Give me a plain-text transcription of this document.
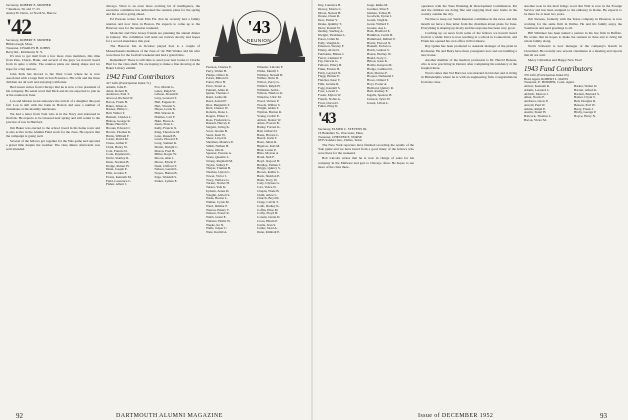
Secretary, ROBERT E. MOSHER
* Reunion, 30, and ??, 23
Ansley H. Davis, 12 North St, Harrow
'42
Secretary, ROBERT E. MOSHER
Hillsborough, Mass.
Treasurer, CHARLES H. JOHNS
Berry Rd., Richmond, N. Y.

It's nice to get mail from a few more class members, this time from Pete, Chuck, Hank, and several of the guys we haven't heard from in quite a while. The reunion plans are taking shape and we hope for a big turnout.

John Peck has moved to the West Coast where he is now associated with a large firm in San Francisco. His wife and the three children are all well and enjoying California.

Bud Green writes from Chicago that he is now a vice president of his company. He sends word that Dick and Al are expected to join us at the reunion in June.

Lou and Marion Grant announce the arrival of a daughter this past fall. Lou is still with the bank in Boston and sees a number of classmates at the monthly luncheons.

We had a letter from Tom who is in the Navy and stationed in Norfolk. He expects to be released next spring and will return to the practice of law in Hartford.

Jim Baker was elected to the school board in his home town and is also active in the Alumni Fund work for the class. He reports that the campaign is going well.

Several of the fellows got together for the Yale game and reported a grand time despite the weather. The class dinner afterwards was well attended.

chicago. What is an even more exciting bit of intelligence, the executive committee has authorized the reunion plans for the spring and the work is going ahead.

Ed Parsons writes from Elm Fla. that he recently had a family reunion and now lives in Boston. He expects to come up to the Hanover area for the reunion weekend.

Montclair and New Jersey friends are planning the annual dinner in January. The committee will send out notices shortly and hopes for a record attendance this year.

The Hanover Inn in October played host to a couple of Massachusetts members of the class of '42. Bill Walker and his wife were there for the football weekend and had a grand time.

Remember? There is still time to send your best books to Charlie Hurt for the class shelf. We are hoping to make a fine showing at the Baker Library exhibit.

1942 Fund Contributors
417 Gifts (Participation Index 71)
Adams, John E.
Allen, Robert B.
Anderson, Paul T.
Atwood, Richard W.
Bacon, Frank H.
Baker, James A.
Barnes, Philip C.
Bell, Walter T.
Bennett, Charles L.
Bishop, George R.
Blake, Harold S.
Brooks, Edward J.
Brown, Thomas K.
Burns, William F.
Carter, David M.
Chase, Arthur P.
Clark, Henry W.
Cole, Francis D.
Cook, Raymond L.
Davis, Stanley R.
Dean, Norman B.
Dodge, Robert H.
Dunn, Joseph E.
Ellis, Gordon F.
Evans, Kenneth M.
Field, Lawrence C.
Fisher, Albert J.
Fox, Martin G.
Gates, Ralph W.
Gibson, Donald P.
Gray, Leonard T.
Hall, Eugene R.
Hart, Vincent S.
Hayes, Louis K.
Hill, Warren D.
Holmes, Carl F.
Hunt, Bruce A.
Jones, Peter L.
Kelly, Francis X.
King, Theodore M.
Lane, Russell B.
Lewis, Howard E.
Long, Samuel R.
Marsh, Dwight C.
Mason, Fred H.
Miller, Roger W.
Moore, Alan J.
Morse, Edwin P.
Nash, Clifford T.
Nelson, Gerald L.
Noyes, Harlan B.
Page, Wendell S.
Parker, Lyman E.
Pearson, Charles E.
Perry, Walter B.
Phelps, Oliver K.
Porter, Milton D.
Potter, Eliot H.
Price, Stuart A.
Putnam, Allen R.
Quinn, Thomas J.
Rand, Leslie M.
Reed, Arnold F.
Rice, Benjamin T.
Rich, Chester W.
Roberts, Dana L.
Rogers, Elmer C.
Ross, Frederick G.
Russell, Harvey P.
Sargent, Irving K.
Scott, Jerome B.
Sears, Kent W.
Shaw, Lloyd D.
Sherman, Maurice E.
Smith, Nathan H.
Snow, Otis R.
Spencer, Preston A.
Stone, Quentin L.
Strong, Reginald M.
Taylor, Sidney F.
Thayer, Truman B.
Thomas, Upton C.
Tower, Victor J.
Tracy, Wallace G.
Tucker, Xavier H.
Turner, Yale K.
Upham, Zenas D.
Vaughn, Abbott S.
Wade, Barton L.
Walker, Cyrus M.
Ward, Delmar P.
Warren, Emery T.
Watson, Foster R.
Webb, Grant E.
Webster, Hollis W.
Weeks, Ira N.
Wells, Jasper C.
West, Kermit A.
Wheeler, Lincoln F.
White, Merrill J.
Whitney, Newell B.
Wilbur, Orrin D.
Wilcox, Percy G.
Willard, Ralph H.
Williams, Seth L.
Wilson, Thurlow K.
Winslow, Ulric M.
Wood, Vernon P.
Woods, Wilbur S.
Wright, Alden T.
Wyman, Burton R.
Young, Cedric E.
Abbott, Dexter W.
Ames, Everett B.
Bailey, Forrest K.
Ball, Gilbert D.
Bates, Horace L.
Beach, Irwin T.
Bean, Julian R.
Bigelow, Karl M.
Blair, Lester P.
Bliss, Morton A.
Bond, Neil F.
Boyd, Osgood H.
Bradley, Palmer J.
Briggs, Quincy S.
Brown, Rollin C.
Buck, Sheldon E.
Bush, Tracy W.
Cady, Ulysses G.
Carr, Vance N.
Chapin, Wade B.
Child, Amos L.
Church, Boyd R.
Clapp, Calvin T.
Cobb, Dudley K.
Coffin, Elias M.
Colby, Floyd H.
Conant, Glenn D.
Cross, Hiram P.
Curtis, Ivan S.
Cutler, Jared A.
Dana, Kimball E.
'43
REUNION
92	DARTMOUTH ALUMNI MAGAZINE
Day, Laurence B.
Dewey, Morris C.
Dixon, Nelson H.
Doane, Owen R.
Dow, Parker S.
Drake, Quimby T.
Drew, Roland W.
Dudley, Sterling A.
Dwight, Thaddeus L.
Eaton, Uriah M.
Eddy, Vaughn K.
Emerson, Wesley F.
Emery, Alvin D.
Fairbanks, Blaine J.
Farrar, Clement P.
Fay, Darwin G.
Fellows, Ellery B.
Fiske, Fenton H.
Fitch, Gaylord N.
Flagg, Homer E.
Fletcher, Isaac T.
Flint, Jerome R.
Fogg, Kendall S.
Foss, Lowell C.
Foster, Myron W.
French, Noble A.
Frost, Orson D.
Fuller, Pliny K.
Gage, Rufus M.
Gardner, Silas F.
Gilman, Tobias H.
Goodwin, Upton J.
Gould, Virgil R.
Grant, Willard T.
Greene, Asa L.
Hale, Bradford E.
Hamilton, Curtis B.
Hammond, Delbert P.
Harris, Elwood N.
Haskell, Forbes G.
Hatch, Gideon S.
Hazen, Hartley W.
Heald, Ivory C.
Hilton, Jesse K.
Hobbs, Kenyon M.
Hodge, Lambert D.
Holt, Marcus F.
Hooper, Nathaniel J.
Howe, Orland T.
Hoyt, Porter A.
Hubbard, Quincy R.
Hull, Rodney E.
Ingalls, Spencer B.
Jackson, Tyler W.
Jewett, Urban L.
'43
Secretary, ELMER C. STEVENS JR.
16 Berkshire St., Worcester, Mass.
Treasurer, CHESTER E. NORSE
6335 Sanders Ave., Dallas, Texas

The New York reporters have finished recording the results of the Yale game and we have heard from a good many of the fellows who were there for the weekend.

Bob Lincoln writes that he is now in charge of sales for his company in the Midwest and gets to Chicago often. He hopes to see more of the class there.

operation with the State Planning & Development Commission. Pat and the children are doing fine and enjoying their new home in the country outside the city.

We like to keep our Tenth Reunion committee in the news and this month we have a fine letter from the chairman about plans for June. Everything is shaping up nicely and the response has been very good.

Catching up on news from some of the fellows we haven't heard from in a while: Dave is now teaching at a school in Connecticut, and Frank has opened his own office in Providence.

Ray Quinn has been promoted to assistant manager of the plant in Rochester. He and Betty have three youngsters now and are building a new house.

Another member of the medical profession is Dr. Harold Benson, who is now practicing in Denver after completing his residency at the hospital there.

Word comes that Ted Barrows was married in October and is living in Philadelphia where he is with an engineering firm. Congratulations from the class.

Another note in the mail brings word that Walt is now in the Foreign Service and has been assigned to the embassy in Rome. He expects to be there for at least two years.

Jim Stevens, formerly with the Texas company in Houston, is now working for the same firm in Dallas. He and his family enjoy the Southwest and send greetings to all.

Bill Whitaker has been named a partner in his law firm in Buffalo. He writes that he hopes to make the reunion in June and to bring his whole family along.

Norm Schwartz is now manager of the company's branch in Cleveland. He recently saw several classmates at a meeting and reports that all are well.

Merry Christmas and Happy New Year!

1943 Fund Contributors
376 Gifts (Participation Index 63)
Head Agent, ROBERT L. DAVIS
Treasurer, E. HOSMER, Conn. Agent.
Abbott, Kenneth R.
Adams, Leonard C.
Aldrich, Morton J.
Allen, Norris F.
Andrews, Oscar P.
Arnold, Paul W.
Atkins, Ralph E.
Austin, Stuart H.
Babcock, Thomas L.
Bacon, Victor M.
Barker, Walter D.
Barrett, Alfred K.
Bartlett, Bernard S.
Baxter, Clyde T.
Bell, Douglas R.
Benson, Earl W.
Berry, Frank J.
Bixby, George P.
Boyce, Harry N.
93
Issue of DECEMBER 1952
